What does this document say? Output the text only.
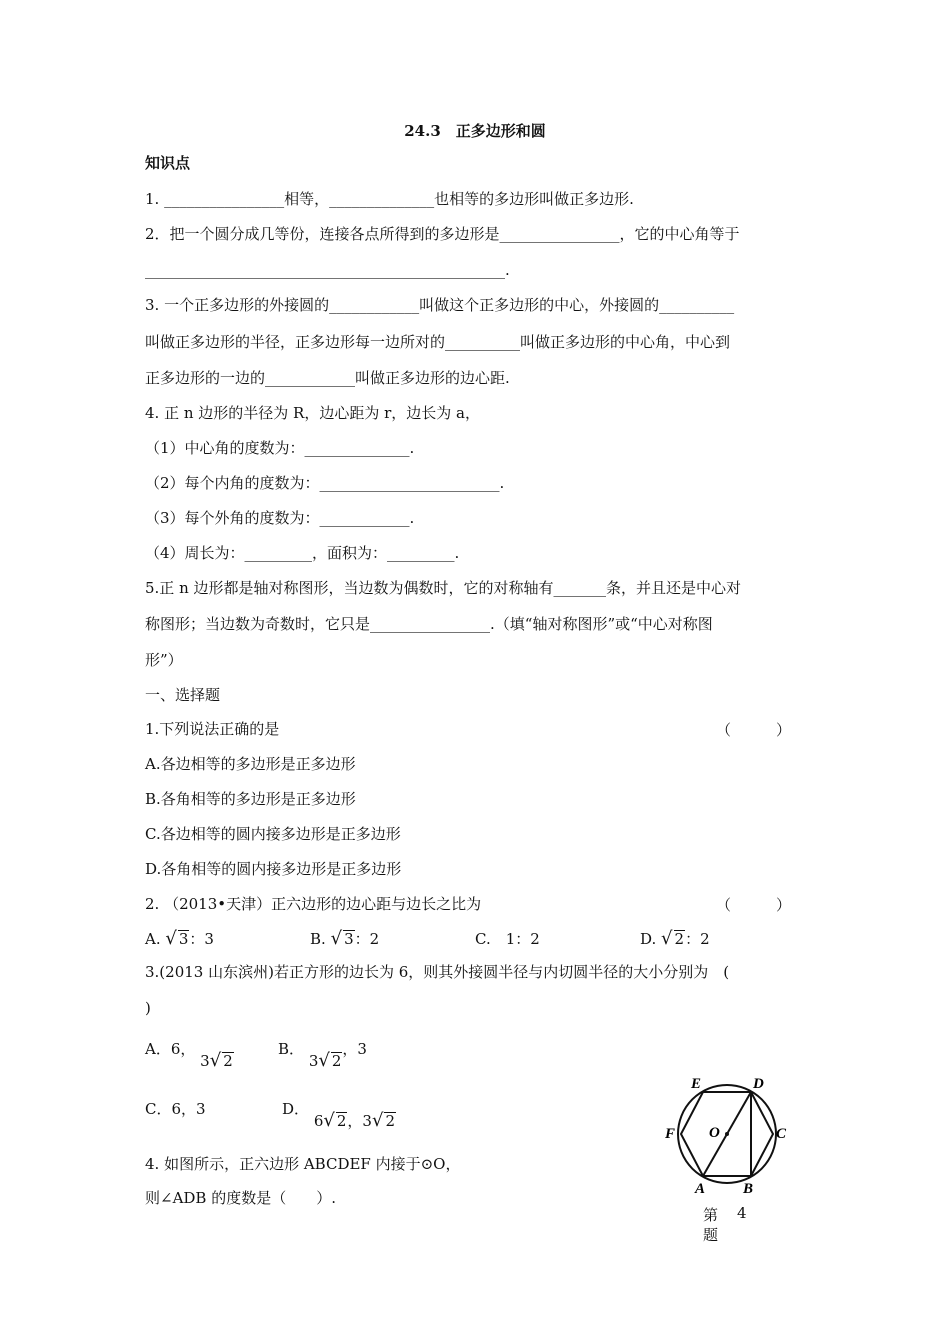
24.3　正多边形和圆
知识点
1. ________________相等，______________也相等的多边形叫做正多边形.
2．把一个圆分成几等份，连接各点所得到的多边形是________________，它的中心角等于
________________________________________________.
3. 一个正多边形的外接圆的____________叫做这个正多边形的中心，外接圆的__________
叫做正多边形的半径，正多边形每一边所对的__________叫做正多边形的中心角，中心到
正多边形的一边的____________叫做正多边形的边心距.
4. 正 n 边形的半径为 R，边心距为 r，边长为 a，
（1）中心角的度数为：______________.
（2）每个内角的度数为：________________________.
（3）每个外角的度数为：____________.
（4）周长为：_________，面积为：_________.
5.正 n 边形都是轴对称图形，当边数为偶数时，它的对称轴有_______条，并且还是中心对
称图形；当边数为奇数时，它只是________________.（填“轴对称图形”或“中心对称图
形”）
一、选择题
1.下列说法正确的是	（　　　）
A.各边相等的多边形是正多边形
B.各角相等的多边形是正多边形
C.各边相等的圆内接多边形是正多边形
D.各角相等的圆内接多边形是正多边形
2. （2013•天津）正六边形的边心距与边长之比为	（　　　）
A. √ 3：3	B. √ 3：2	C.　1：2	D. √ 2：2
3.(2013 山东滨州)若正方形的边长为 6，则其外接圆半径与内切圆半径的大小分别为　(
)
A．6， 3√ 2
B． 3√ 2，3
C．6，3	D． 6√ 2，3√ 2
4. 如图所示，正六边形 ABCDEF 内接于⊙O，
则∠ADB 的度数是（　　）.
E	D
C
F O
A	B
第 4
题
